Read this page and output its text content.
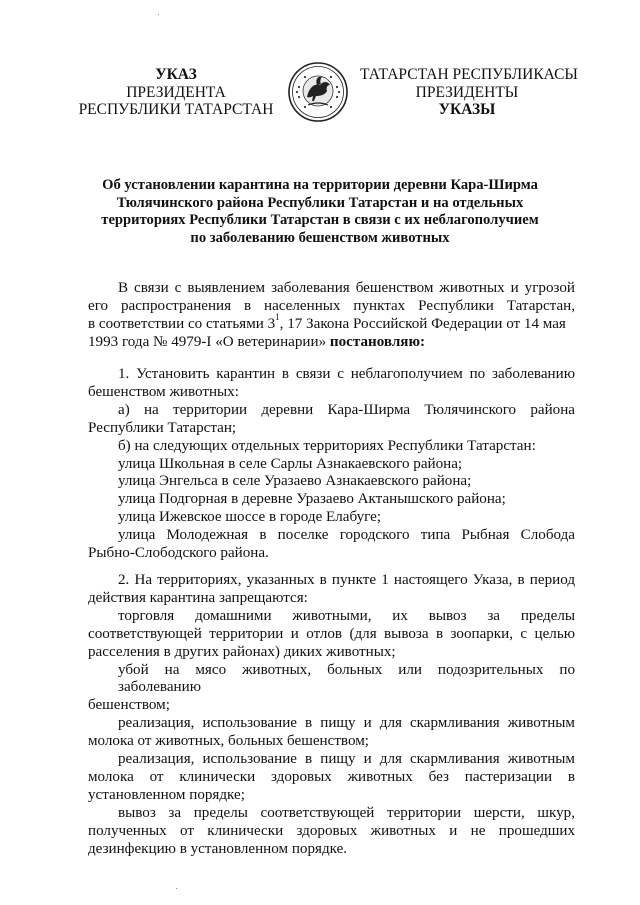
УКАЗ
ПРЕЗИДЕНТА
РЕСПУБЛИКИ ТАТАРСТАН
ТАТАРСТАН РЕСПУБЛИКАСЫ
ПРЕЗИДЕНТЫ
УКАЗЫ
Об установлении карантина на территории деревни Кара-Ширма
Тюлячинского района Республики Татарстан и на отдельных
территориях Республики Татарстан в связи с их неблагополучием
по заболеванию бешенством животных
В связи с выявлением заболевания бешенством животных и угрозой
его распространения в населенных пунктах Республики Татарстан,
в соответствии со статьями $3^1$, 17 Закона Российской Федерации от 14 мая
1993 года № 4979-I «О ветеринарии» постановляю:
1. Установить карантин в связи с неблагополучием по заболеванию
бешенством животных:
а) на территории деревни Кара-Ширма Тюлячинского района
Республики Татарстан;
б) на следующих отдельных территориях Республики Татарстан:
улица Школьная в селе Сарлы Азнакаевского района;
улица Энгельса в селе Уразаево Азнакаевского района;
улица Подгорная в деревне Уразаево Актанышского района;
улица Ижевское шоссе в городе Елабуге;
улица Молодежная в поселке городского типа Рыбная Слобода
Рыбно-Слободского района.
2. На территориях, указанных в пункте 1 настоящего Указа, в период
действия карантина запрещаются:
торговля домашними животными, их вывоз за пределы
соответствующей территории и отлов (для вывоза в зоопарки, с целью
расселения в других районах) диких животных;
убой на мясо животных, больных или подозрительных по заболеванию
бешенством;
реализация, использование в пищу и для скармливания животным
молока от животных, больных бешенством;
реализация, использование в пищу и для скармливания животным
молока от клинически здоровых животных без пастеризации в
установленном порядке;
вывоз за пределы соответствующей территории шерсти, шкур,
полученных от клинически здоровых животных и не прошедших
дезинфекцию в установленном порядке.
